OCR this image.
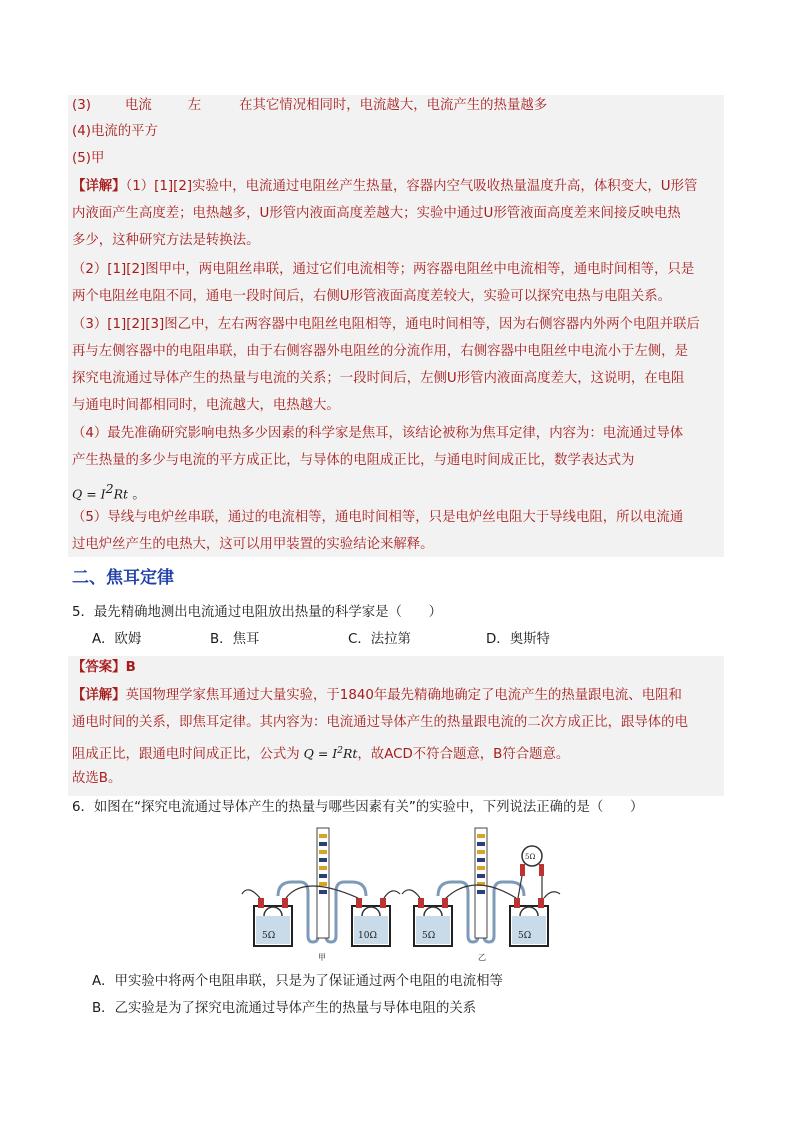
(3)	电流	左	在其它情况相同时，电流越大，电流产生的热量越多
(4)电流的平方
(5)甲
【详解】（1）[1][2]实验中，电流通过电阻丝产生热量，容器内空气吸收热量温度升高，体积变大，U形管
内液面产生高度差；电热越多，U形管内液面高度差越大；实验中通过U形管液面高度差来间接反映电热
多少，这种研究方法是转换法。
（2）[1][2]图甲中，两电阻丝串联，通过它们电流相等；两容器电阻丝中电流相等，通电时间相等，只是
两个电阻丝电阻不同，通电一段时间后，右侧U形管液面高度差较大，实验可以探究电热与电阻关系。
（3）[1][2][3]图乙中，左右两容器中电阻丝电阻相等，通电时间相等，因为右侧容器内外两个电阻并联后
再与左侧容器中的电阻串联，由于右侧容器外电阻丝的分流作用，右侧容器中电阻丝中电流小于左侧，是
探究电流通过导体产生的热量与电流的关系；一段时间后，左侧U形管内液面高度差大，这说明，在电阻
与通电时间都相同时，电流越大，电热越大。
（4）最先准确研究影响电热多少因素的科学家是焦耳，该结论被称为焦耳定律，内容为：电流通过导体
产生热量的多少与电流的平方成正比，与导体的电阻成正比，与通电时间成正比，数学表达式为
$Q = I^2Rt$ 。
（5）导线与电炉丝串联，通过的电流相等，通电时间相等，只是电炉丝电阻大于导线电阻，所以电流通
过电炉丝产生的电热大，这可以用甲装置的实验结论来解释。
二、焦耳定律
5．最先精确地测出电流通过电阻放出热量的科学家是（　　）
A．欧姆	B．焦耳	C．法拉第	D．奥斯特
【答案】B
【详解】英国物理学家焦耳通过大量实验，于1840年最先精确地确定了电流产生的热量跟电流、电阻和
通电时间的关系，即焦耳定律。其内容为：电流通过导体产生的热量跟电流的二次方成正比，跟导体的电
阻成正比，跟通电时间成正比，公式为 $Q = I^2Rt$，故ACD不符合题意，B符合题意。
故选B。
6．如图在“探究电流通过导体产生的热量与哪些因素有关”的实验中，下列说法正确的是（　　）
5Ω	10Ω
甲
5Ω
5Ω	5Ω
乙
A．甲实验中将两个电阻串联，只是为了保证通过两个电阻的电流相等
B．乙实验是为了探究电流通过导体产生的热量与导体电阻的关系
